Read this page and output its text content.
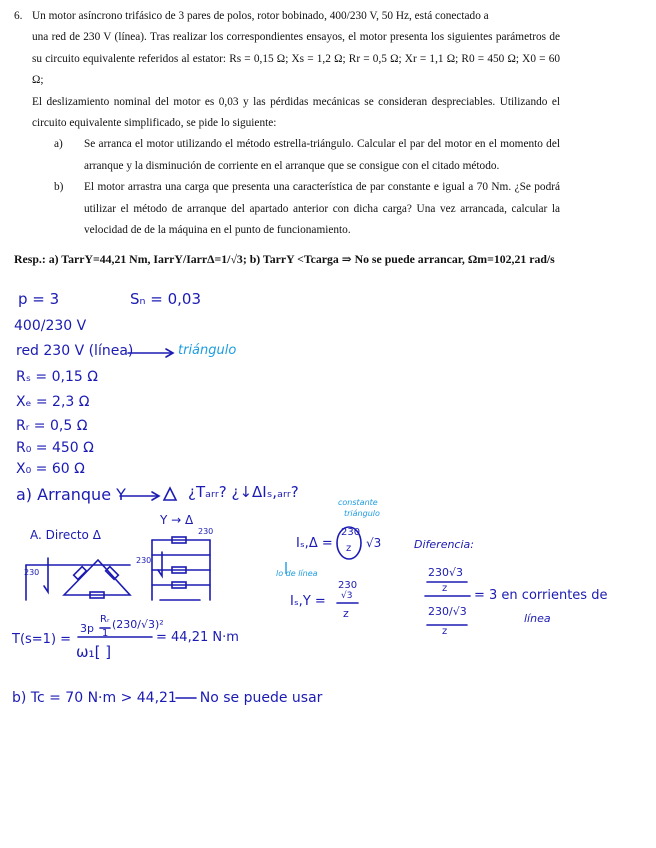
6. Un motor asíncrono trifásico de 3 pares de polos, rotor bobinado, 400/230 V, 50 Hz, está conectado a

una red de 230 V (línea). Tras realizar los correspondientes ensayos, el motor presenta los siguientes parámetros de su circuito equivalente referidos al estator: Rs = 0,15 Ω; Xs = 1,2 Ω; Rr = 0,5 Ω; Xr = 1,1 Ω; R0 = 450 Ω; X0 = 60 Ω;

El deslizamiento nominal del motor es 0,03 y las pérdidas mecánicas se consideran despreciables. Utilizando el circuito equivalente simplificado, se pide lo siguiente:

a)	Se arranca el motor utilizando el método estrella-triángulo. Calcular el par del motor en el momento del arranque y la disminución de corriente en el arranque que se consigue con el citado método.
b)	El motor arrastra una carga que presenta una característica de par constante e igual a 70 Nm. ¿Se podrá utilizar el método de arranque del apartado anterior con dicha carga? Una vez arrancada, calcular la velocidad de de la máquina en el punto de funcionamiento.
Resp.: a) TarrY=44,21 Nm, IarrY/IarrΔ=1/√3; b) TarrY <Tcarga ⇒ No se puede arrancar, Ωm=102,21 rad/s
p = 3	Sₙ = 0,03
400/230 V
red 230 V (línea)	triángulo
Rₛ = 0,15 Ω
Xₑ = 2,3 Ω
Rᵣ = 0,5 Ω
R₀ = 450 Ω
X₀ = 60 Ω
a) Arranque Y	¿Tₐᵣᵣ? ¿↓ΔIₛ,ₐᵣᵣ?
Y → Δ
A. Directo Δ
230
230
230
constante
triángulo
Iₛ,Δ =
230
z √3
lo de línea
Iₛ,Y =
230
√3
z
Diferencia:
230√3
z
230/√3
z
= 3 en corrientes de
línea
T(s=1) =
3p
Rᵣ
1
(230/√3)²
ω₁[ ]
= 44,21 N·m
b) Tc = 70 N·m > 44,21 — No se puede usar
